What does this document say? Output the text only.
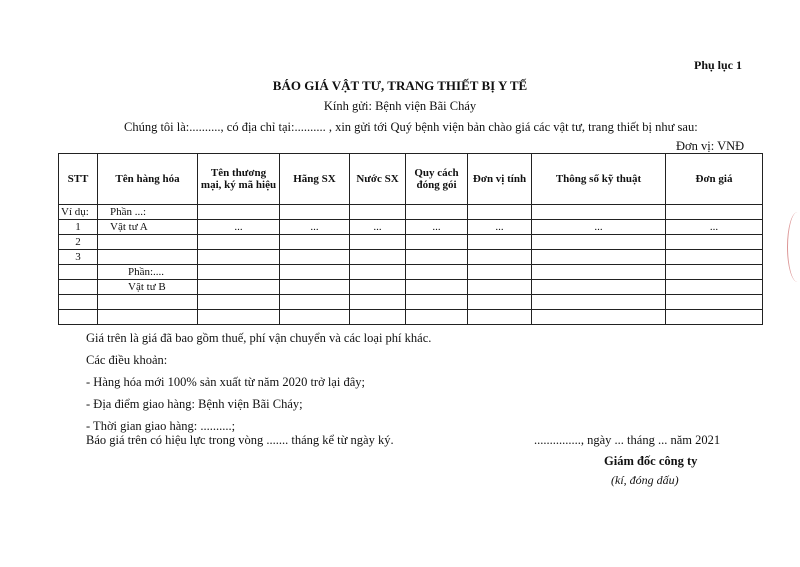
Phụ lục 1
BÁO GIÁ VẬT TƯ, TRANG THIẾT BỊ Y TẾ
Kính gửi: Bệnh viện Bãi Cháy
Chúng tôi là:.........., có địa chỉ tại:.......... , xin gửi tới Quý bệnh viện bản chào giá các vật tư, trang thiết bị như sau:
Đơn vị: VNĐ
STT	Tên hàng hóa	Tên thương mại, ký mã hiệu	Hãng SX	Nước SX	Quy cách đóng gói	Đơn vị tính	Thông số kỹ thuật	Đơn giá
Ví dụ:	Phần ...:							
1	Vật tư A	...	...	...	...	...	...	...
2								
3								
	Phần:....							
	Vật tư B							

Giá trên là giá đã bao gồm thuế, phí vận chuyển và các loại phí khác.
Các điều khoản:
- Hàng hóa mới 100% sản xuất từ năm 2020 trở lại đây;
- Địa điểm giao hàng: Bệnh viện Bãi Cháy;
- Thời gian giao hàng: ..........;
Báo giá trên có hiệu lực trong vòng ....... tháng kể từ ngày ký.	..............., ngày ... tháng ... năm 2021
Giám đốc công ty
(kí, đóng dấu)
